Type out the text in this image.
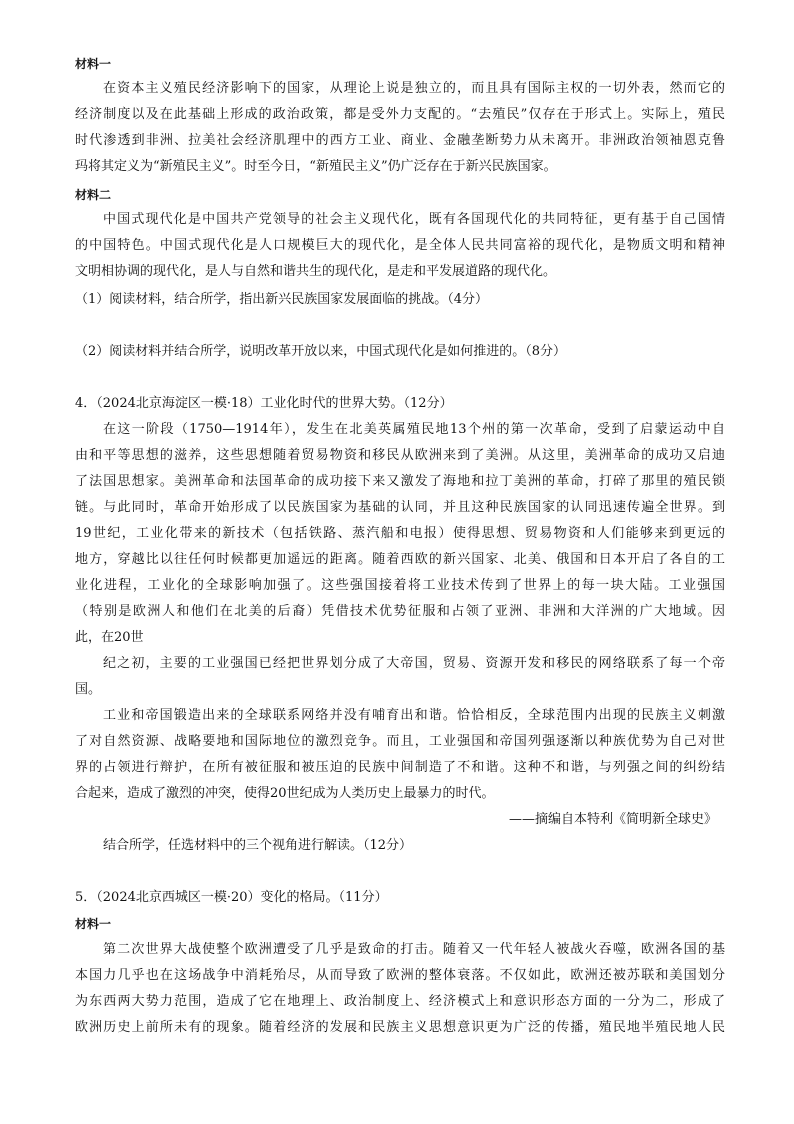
材料一
在资本主义殖民经济影响下的国家，从理论上说是独立的，而且具有国际主权的一切外表，然而它的
经济制度以及在此基础上形成的政治政策，都是受外力支配的。“去殖民”仅存在于形式上。实际上，殖民
时代渗透到非洲、拉美社会经济肌理中的西方工业、商业、金融垄断势力从未离开。非洲政治领袖恩克鲁
玛将其定义为“新殖民主义”。时至今日，“新殖民主义”仍广泛存在于新兴民族国家。
材料二
中国式现代化是中国共产党领导的社会主义现代化，既有各国现代化的共同特征，更有基于自己国情
的中国特色。中国式现代化是人口规模巨大的现代化，是全体人民共同富裕的现代化，是物质文明和精神
文明相协调的现代化，是人与自然和谐共生的现代化，是走和平发展道路的现代化。
（1）阅读材料，结合所学，指出新兴民族国家发展面临的挑战。（4分）
（2）阅读材料并结合所学，说明改革开放以来，中国式现代化是如何推进的。（8分）
4．（2024北京海淀区一模·18）工业化时代的世界大势。（12分）
在这一阶段（1750—1914年），发生在北美英属殖民地13个州的第一次革命，受到了启蒙运动中自
由和平等思想的滋养，这些思想随着贸易物资和移民从欧洲来到了美洲。从这里，美洲革命的成功又启迪
了法国思想家。美洲革命和法国革命的成功接下来又激发了海地和拉丁美洲的革命，打碎了那里的殖民锁
链。与此同时，革命开始形成了以民族国家为基础的认同，并且这种民族国家的认同迅速传遍全世界。到
19世纪，工业化带来的新技术（包括铁路、蒸汽船和电报）使得思想、贸易物资和人们能够来到更远的
地方，穿越比以往任何时候都更加遥远的距离。随着西欧的新兴国家、北美、俄国和日本开启了各自的工
业化进程，工业化的全球影响加强了。这些强国接着将工业技术传到了世界上的每一块大陆。工业强国
（特别是欧洲人和他们在北美的后裔）凭借技术优势征服和占领了亚洲、非洲和大洋洲的广大地域。因
此，在20世
纪之初，主要的工业强国已经把世界划分成了大帝国，贸易、资源开发和移民的网络联系了每一个帝
国。
工业和帝国锻造出来的全球联系网络并没有哺育出和谐。恰恰相反，全球范围内出现的民族主义刺激
了对自然资源、战略要地和国际地位的激烈竞争。而且，工业强国和帝国列强逐渐以种族优势为自己对世
界的占领进行辩护，在所有被征服和被压迫的民族中间制造了不和谐。这种不和谐，与列强之间的纠纷结
合起来，造成了激烈的冲突，使得20世纪成为人类历史上最暴力的时代。
——摘编自本特利《简明新全球史》
结合所学，任选材料中的三个视角进行解读。（12分）
5．（2024北京西城区一模·20）变化的格局。（11分）
材料一
第二次世界大战使整个欧洲遭受了几乎是致命的打击。随着又一代年轻人被战火吞噬，欧洲各国的基
本国力几乎也在这场战争中消耗殆尽，从而导致了欧洲的整体衰落。不仅如此，欧洲还被苏联和美国划分
为东西两大势力范围，造成了它在地理上、政治制度上、经济模式上和意识形态方面的一分为二，形成了
欧洲历史上前所未有的现象。随着经济的发展和民族主义思想意识更为广泛的传播，殖民地半殖民地人民
